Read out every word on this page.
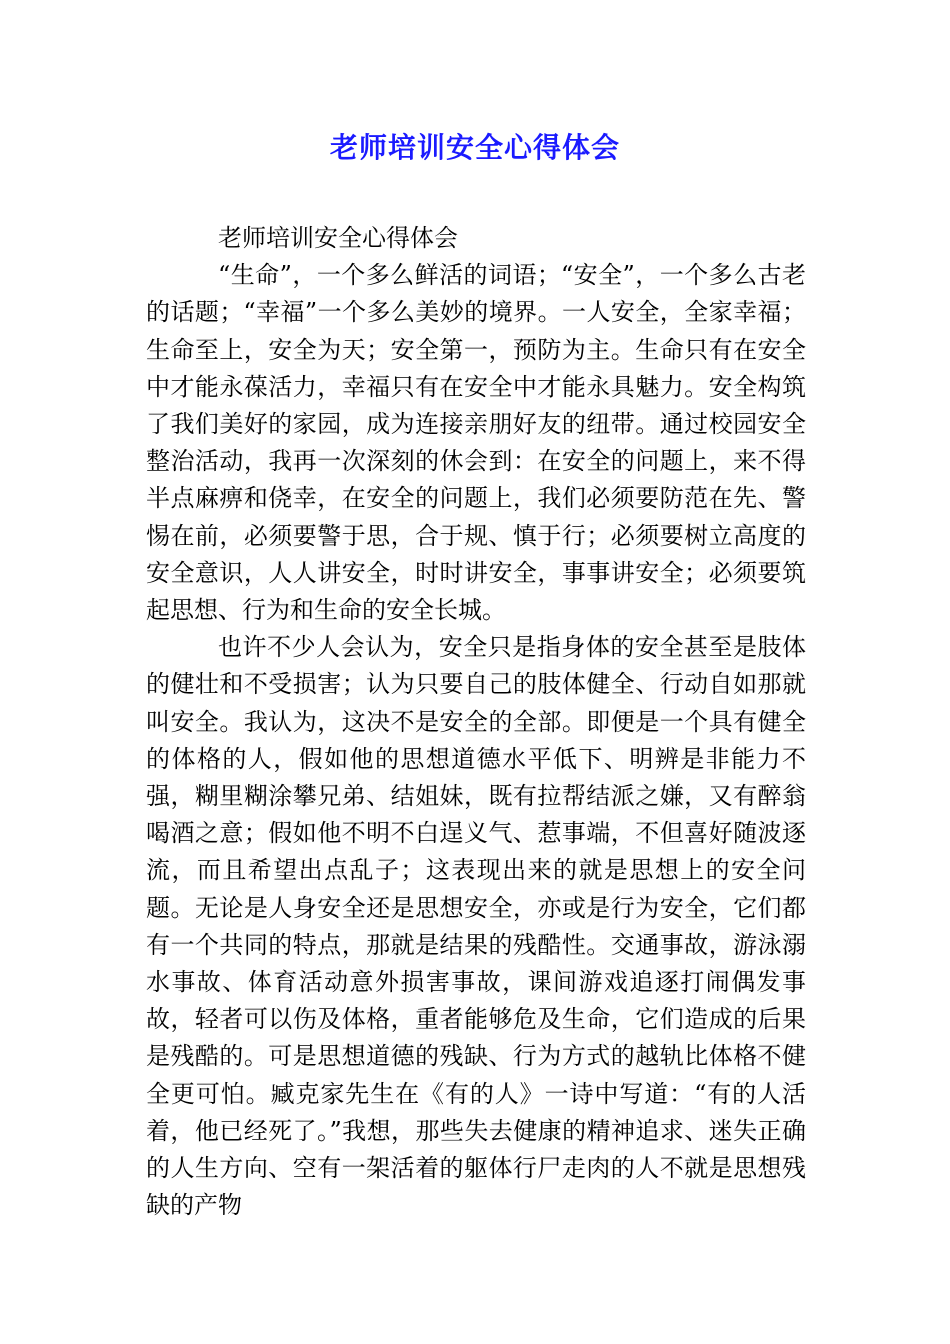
老师培训安全心得体会

老师培训安全心得体会

“生命”，一个多么鲜活的词语；“安全”，一个多么古老的话题；“幸福”一个多么美妙的境界。一人安全，全家幸福；生命至上，安全为天；安全第一，预防为主。生命只有在安全中才能永葆活力，幸福只有在安全中才能永具魅力。安全构筑了我们美好的家园，成为连接亲朋好友的纽带。通过校园安全整治活动，我再一次深刻的休会到：在安全的问题上，来不得半点麻痹和侥幸，在安全的问题上，我们必须要防范在先、警惕在前，必须要警于思，合于规、慎于行；必须要树立高度的安全意识，人人讲安全，时时讲安全，事事讲安全；必须要筑起思想、行为和生命的安全长城。

也许不少人会认为，安全只是指身体的安全甚至是肢体的健壮和不受损害；认为只要自己的肢体健全、行动自如那就叫安全。我认为，这决不是安全的全部。即便是一个具有健全的体格的人，假如他的思想道德水平低下、明辨是非能力不强，糊里糊涂攀兄弟、结姐妹，既有拉帮结派之嫌，又有醉翁喝酒之意；假如他不明不白逞义气、惹事端，不但喜好随波逐流，而且希望出点乱子；这表现出来的就是思想上的安全问题。无论是人身安全还是思想安全，亦或是行为安全，它们都有一个共同的特点，那就是结果的残酷性。交通事故，游泳溺水事故、体育活动意外损害事故，课间游戏追逐打闹偶发事故，轻者可以伤及体格，重者能够危及生命，它们造成的后果是残酷的。可是思想道德的残缺、行为方式的越轨比体格不健全更可怕。臧克家先生在《有的人》一诗中写道：“有的人活着，他已经死了。”我想，那些失去健康的精神追求、迷失正确的人生方向、空有一架活着的躯体行尸走肉的人不就是思想残缺的产物
